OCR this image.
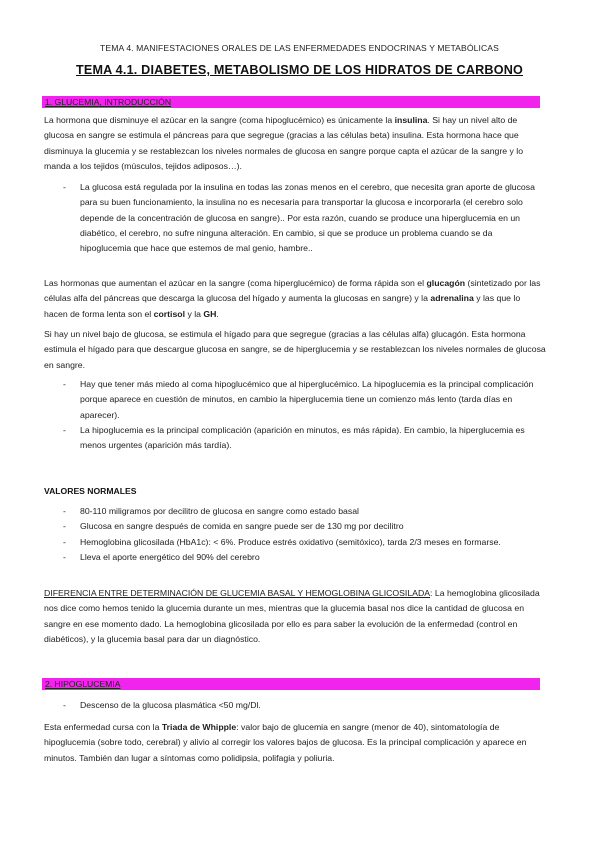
TEMA 4. MANIFESTACIONES ORALES DE LAS ENFERMEDADES ENDOCRINAS Y METABÓLICAS
TEMA 4.1. DIABETES, METABOLISMO DE LOS HIDRATOS DE CARBONO
1. GLUCEMIA, INTRODUCCIÓN
La hormona que disminuye el azúcar en la sangre (coma hipoglucémico) es únicamente la insulina. Si hay un nivel alto de glucosa en sangre se estimula el páncreas para que segregue (gracias a las células beta) insulina. Esta hormona hace que disminuya la glucemia y se restablezcan los niveles normales de glucosa en sangre porque capta el azúcar de la sangre y lo manda a los tejidos (músculos, tejidos adiposos…).
- La glucosa está regulada por la insulina en todas las zonas menos en el cerebro, que necesita gran aporte de glucosa para su buen funcionamiento, la insulina no es necesaria para transportar la glucosa e incorporarla (el cerebro solo depende de la concentración de glucosa en sangre).. Por esta razón, cuando se produce una hiperglucemia en un diabético, el cerebro, no sufre ninguna alteración. En cambio, si que se produce un problema cuando se da hipoglucemia que hace que estemos de mal genio, hambre..
Las hormonas que aumentan el azúcar en la sangre (coma hiperglucémico) de forma rápida son el glucagón (sintetizado por las células alfa del páncreas que descarga la glucosa del hígado y aumenta la glucosas en sangre) y la adrenalina y las que lo hacen de forma lenta son el cortisol y la GH.
Si hay un nivel bajo de glucosa, se estimula el hígado para que segregue (gracias a las células alfa) glucagón. Esta hormona estimula el hígado para que descargue glucosa en sangre, se de hiperglucemia y se restablezcan los niveles normales de glucosa en sangre.
- Hay que tener más miedo al coma hipoglucémico que al hiperglucémico. La hipoglucemia es la principal complicación porque aparece en cuestión de minutos, en cambio la hiperglucemia tiene un comienzo más lento (tarda días en aparecer).
- La hipoglucemia es la principal complicación (aparición en minutos, es más rápida). En cambio, la hiperglucemia es menos urgentes (aparición más tardía).
VALORES NORMALES
- 80-110 miligramos por decilitro de glucosa en sangre como estado basal
- Glucosa en sangre después de comida en sangre puede ser de 130 mg por decilitro
- Hemoglobina glicosilada (HbA1c): < 6%. Produce estrés oxidativo (semitóxico), tarda 2/3 meses en formarse.
- Lleva el aporte energético del 90% del cerebro
DIFERENCIA ENTRE DETERMINACIÓN DE GLUCEMIA BASAL Y HEMOGLOBINA GLICOSILADA: La hemoglobina glicosilada nos dice como hemos tenido la glucemia durante un mes, mientras que la glucemia basal nos dice la cantidad de glucosa en sangre en ese momento dado. La hemoglobina glicosilada por ello es para saber la evolución de la enfermedad (control en diabéticos), y la glucemia basal para dar un diagnóstico.
2. HIPOGLUCEMIA
- Descenso de la glucosa plasmática <50 mg/Dl.
Esta enfermedad cursa con la Triada de Whipple: valor bajo de glucemia en sangre (menor de 40), sintomatología de hipoglucemia (sobre todo, cerebral) y alivio al corregir los valores bajos de glucosa. Es la principal complicación y aparece en minutos. También dan lugar a síntomas como polidipsia, polifagia y poliuria.
